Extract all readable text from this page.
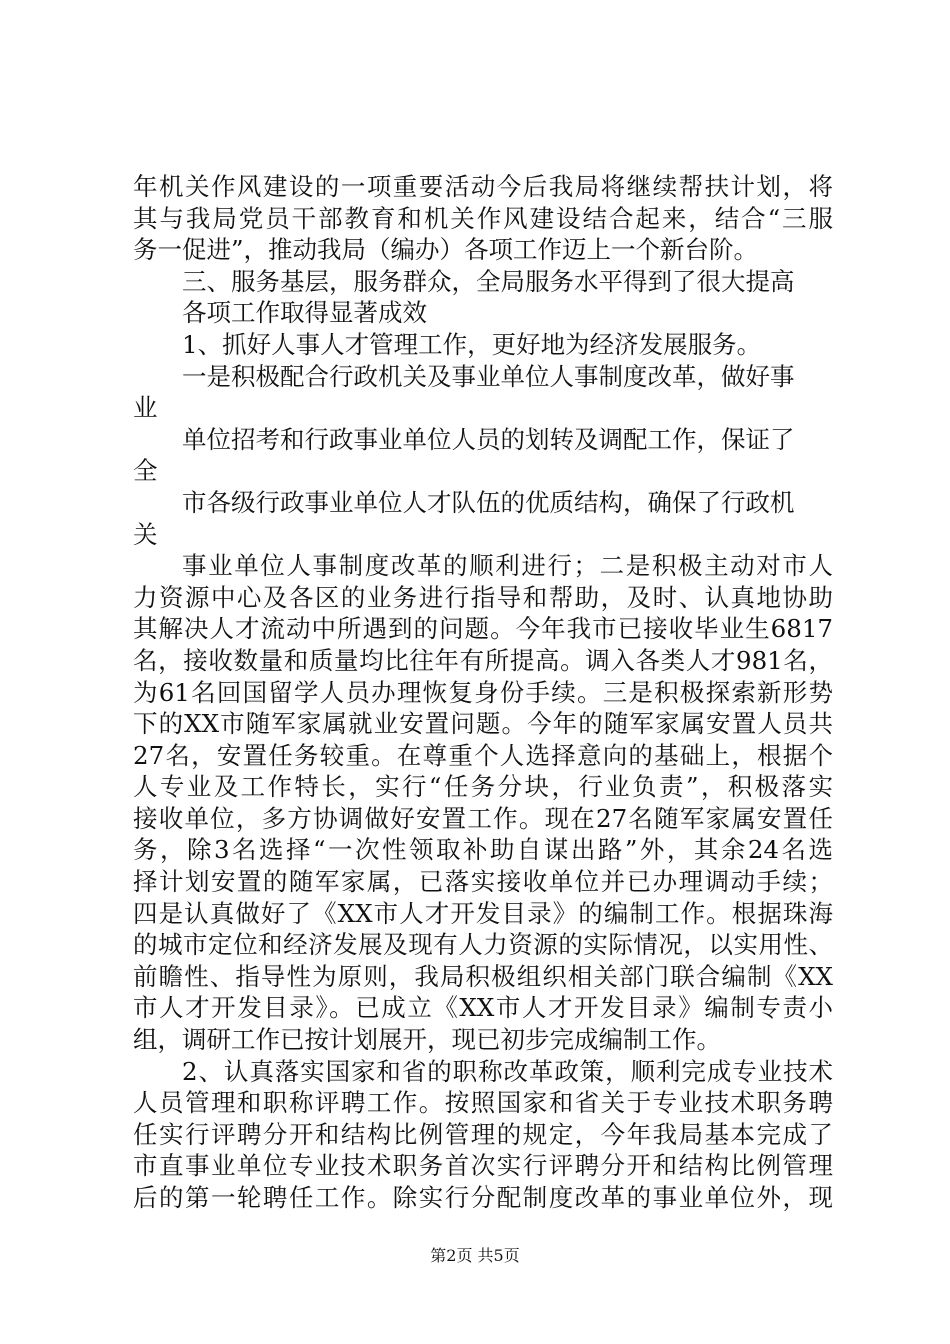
年机关作风建设的一项重要活动今后我局将继续帮扶计划，将
其与我局党员干部教育和机关作风建设结合起来，结合“三服
务一促进”，推动我局（编办）各项工作迈上一个新台阶。
三、服务基层，服务群众，全局服务水平得到了很大提高
各项工作取得显著成效
1、抓好人事人才管理工作，更好地为经济发展服务。
一是积极配合行政机关及事业单位人事制度改革，做好事
业
单位招考和行政事业单位人员的划转及调配工作，保证了
全
市各级行政事业单位人才队伍的优质结构，确保了行政机
关
事业单位人事制度改革的顺利进行；二是积极主动对市人
力资源中心及各区的业务进行指导和帮助，及时、认真地协助
其解决人才流动中所遇到的问题。今年我市已接收毕业生6817
名，接收数量和质量均比往年有所提高。调入各类人才981名，
为61名回国留学人员办理恢复身份手续。三是积极探索新形势
下的XX市随军家属就业安置问题。今年的随军家属安置人员共
27名，安置任务较重。在尊重个人选择意向的基础上，根据个
人专业及工作特长，实行“任务分块，行业负责”，积极落实
接收单位，多方协调做好安置工作。现在27名随军家属安置任
务，除3名选择“一次性领取补助自谋出路”外，其余24名选
择计划安置的随军家属，已落实接收单位并已办理调动手续；
四是认真做好了《XX市人才开发目录》的编制工作。根据珠海
的城市定位和经济发展及现有人力资源的实际情况，以实用性、
前瞻性、指导性为原则，我局积极组织相关部门联合编制《XX
市人才开发目录》。已成立《XX市人才开发目录》编制专责小
组，调研工作已按计划展开，现已初步完成编制工作。
2、认真落实国家和省的职称改革政策，顺利完成专业技术
人员管理和职称评聘工作。按照国家和省关于专业技术职务聘
任实行评聘分开和结构比例管理的规定，今年我局基本完成了
市直事业单位专业技术职务首次实行评聘分开和结构比例管理
后的第一轮聘任工作。除实行分配制度改革的事业单位外，现
第2页 共5页
